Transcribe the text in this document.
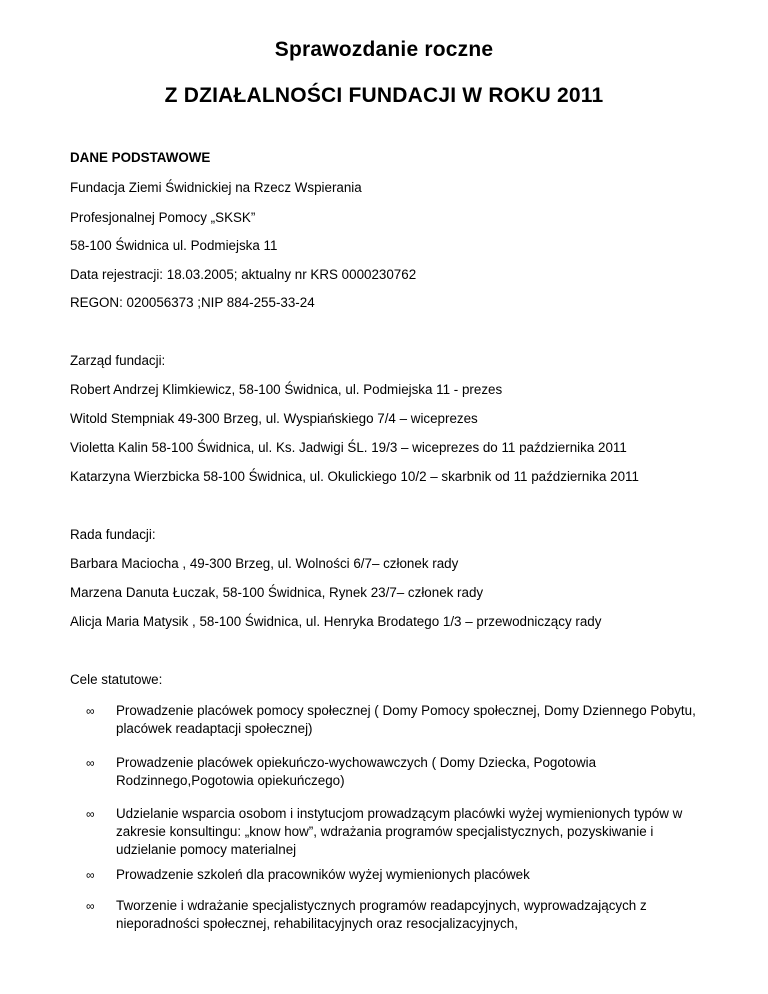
Sprawozdanie roczne
Z DZIAŁALNOŚCI FUNDACJI W ROKU 2011
DANE PODSTAWOWE
Fundacja Ziemi Świdnickiej na Rzecz Wspierania
Profesjonalnej Pomocy „SKSK”
58-100 Świdnica ul. Podmiejska 11
Data rejestracji: 18.03.2005; aktualny nr KRS 0000230762
REGON: 020056373 ;NIP 884-255-33-24
Zarząd fundacji:
Robert Andrzej Klimkiewicz, 58-100 Świdnica, ul. Podmiejska 11 - prezes
Witold Stempniak 49-300 Brzeg, ul. Wyspiańskiego 7/4 – wiceprezes
Violetta Kalin 58-100 Świdnica, ul. Ks. Jadwigi ŚL. 19/3 – wiceprezes do 11 października 2011
Katarzyna Wierzbicka 58-100 Świdnica, ul. Okulickiego 10/2 – skarbnik od 11 października 2011
Rada fundacji:
Barbara Maciocha , 49-300 Brzeg, ul. Wolności 6/7– członek rady
Marzena Danuta Łuczak, 58-100 Świdnica, Rynek 23/7– członek rady
Alicja Maria Matysik , 58-100 Świdnica, ul. Henryka Brodatego 1/3 – przewodniczący rady
Cele statutowe:
∞	Prowadzenie placówek pomocy społecznej ( Domy Pomocy społecznej, Domy Dziennego Pobytu, placówek readaptacji społecznej)
∞	Prowadzenie placówek opiekuńczo-wychowawczych ( Domy Dziecka, Pogotowia Rodzinnego,Pogotowia opiekuńczego)
∞	Udzielanie wsparcia osobom i instytucjom prowadzącym placówki wyżej wymienionych typów w zakresie konsultingu: „know how”, wdrażania programów specjalistycznych, pozyskiwanie i udzielanie pomocy materialnej
∞	Prowadzenie szkoleń dla pracowników wyżej wymienionych placówek
∞	Tworzenie i wdrażanie specjalistycznych programów readapcyjnych, wyprowadzających z nieporadności społecznej, rehabilitacyjnych oraz resocjalizacyjnych,
